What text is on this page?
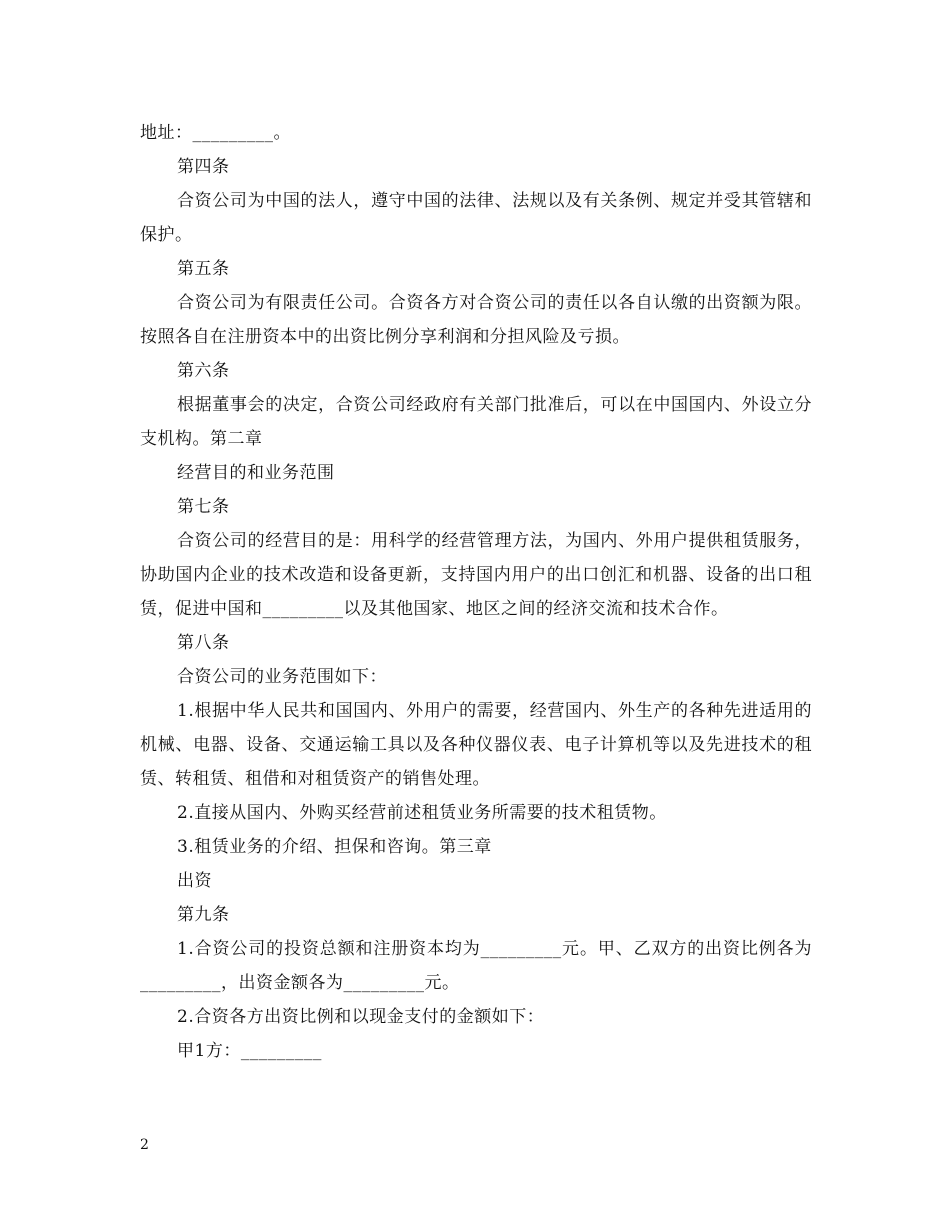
地址：_________。

第四条

合资公司为中国的法人，遵守中国的法律、法规以及有关条例、规定并受其管辖和保护。

第五条

合资公司为有限责任公司。合资各方对合资公司的责任以各自认缴的出资额为限。按照各自在注册资本中的出资比例分享利润和分担风险及亏损。

第六条

根据董事会的决定，合资公司经政府有关部门批准后，可以在中国国内、外设立分支机构。第二章

经营目的和业务范围

第七条

合资公司的经营目的是：用科学的经营管理方法，为国内、外用户提供租赁服务，协助国内企业的技术改造和设备更新，支持国内用户的出口创汇和机器、设备的出口租赁，促进中国和_________以及其他国家、地区之间的经济交流和技术合作。

第八条

合资公司的业务范围如下：

1.根据中华人民共和国国内、外用户的需要，经营国内、外生产的各种先进适用的机械、电器、设备、交通运输工具以及各种仪器仪表、电子计算机等以及先进技术的租赁、转租赁、租借和对租赁资产的销售处理。

2.直接从国内、外购买经营前述租赁业务所需要的技术租赁物。

3.租赁业务的介绍、担保和咨询。第三章

出资

第九条

1.合资公司的投资总额和注册资本均为_________元。甲、乙双方的出资比例各为_________，出资金额各为_________元。

2.合资各方出资比例和以现金支付的金额如下：

甲1方：_________

2
